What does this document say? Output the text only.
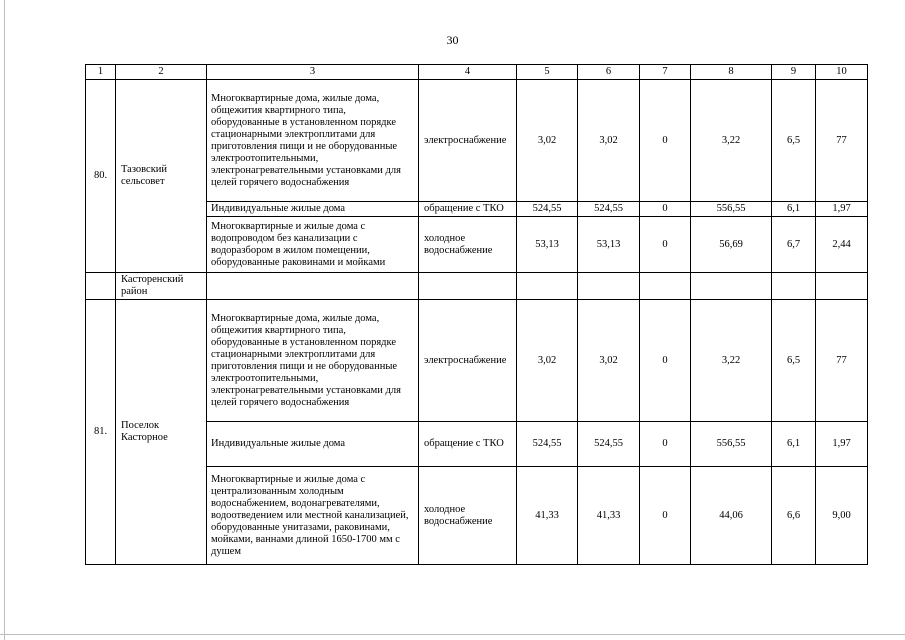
30
1	2	3	4	5	6	7	8	9	10
80.	Тазовский сельсовет	Многоквартирные дома, жилые дома, общежития квартирного типа, оборудованные в установленном порядке стационарными электроплитами для приготовления пищи и не оборудованные электроотопительными, электронагревательными установками для целей горячего водоснабжения	электроснабжение	3,02	3,02	0	3,22	6,5	77
		Индивидуальные жилые дома	обращение с ТКО	524,55	524,55	0	556,55	6,1	1,97
		Многоквартирные и жилые дома с водопроводом без канализации с водоразбором в жилом помещении, оборудованные раковинами и мойками	холодное водоснабжение	53,13	53,13	0	56,69	6,7	2,44
	Касторенский район								
81.	Поселок Касторное	Многоквартирные дома, жилые дома, общежития квартирного типа, оборудованные в установленном порядке стационарными электроплитами для приготовления пищи и не оборудованные электроотопительными, электронагревательными установками для целей горячего водоснабжения	электроснабжение	3,02	3,02	0	3,22	6,5	77
		Индивидуальные жилые дома	обращение с ТКО	524,55	524,55	0	556,55	6,1	1,97
		Многоквартирные и жилые дома с централизованным холодным водоснабжением, водонагревателями, водоотведением или местной канализацией, оборудованные унитазами, раковинами, мойками, ваннами длиной 1650-1700 мм с душем	холодное водоснабжение	41,33	41,33	0	44,06	6,6	9,00
